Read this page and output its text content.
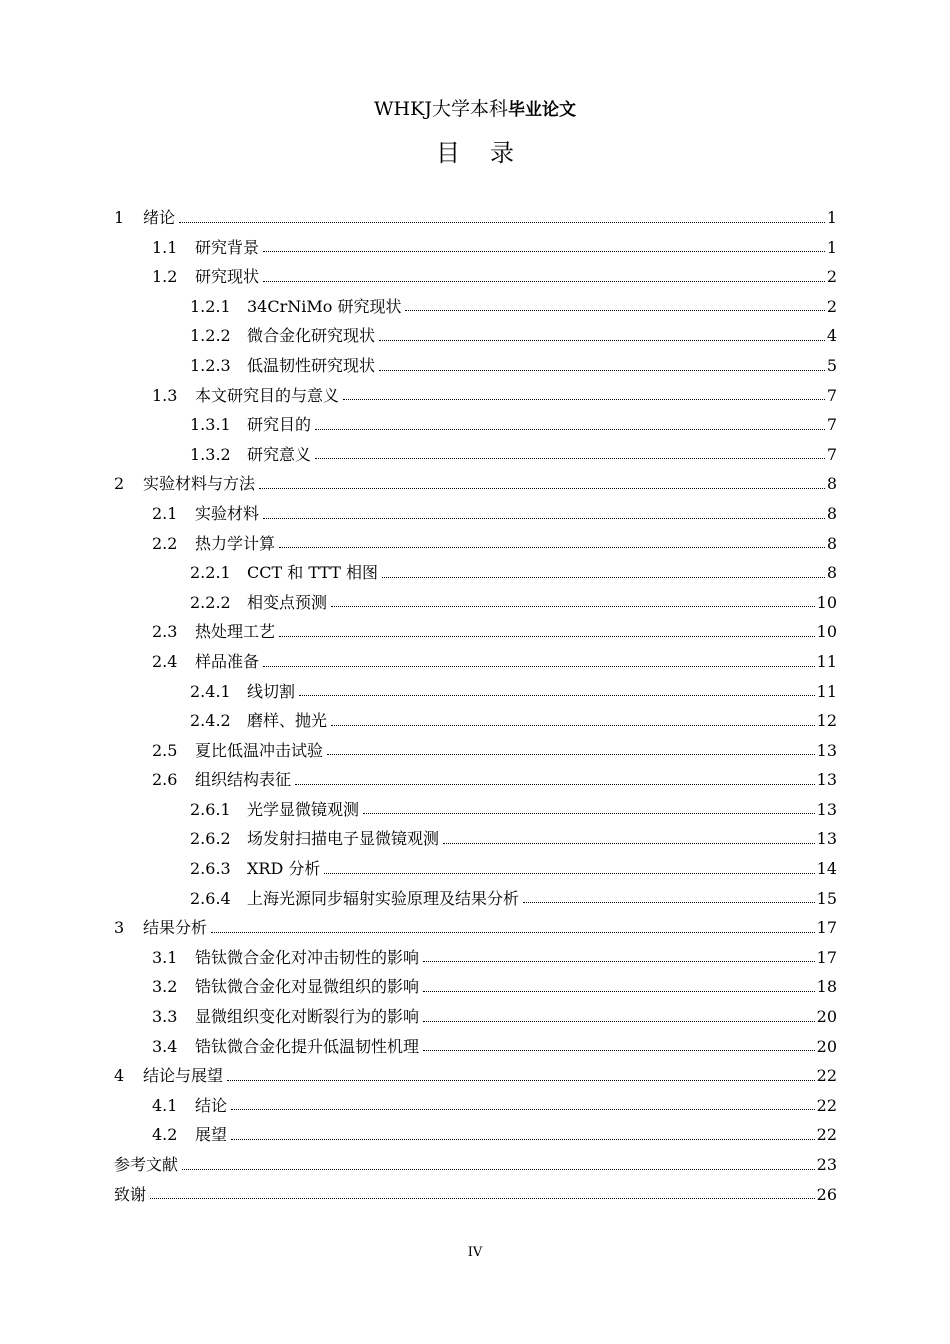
WHKJ大学本科毕业论文
目录
1	绪论	1
1.1	研究背景	1
1.2	研究现状	2
1.2.1	34CrNiMo 研究现状	2
1.2.2	微合金化研究现状	4
1.2.3	低温韧性研究现状	5
1.3	本文研究目的与意义	7
1.3.1	研究目的	7
1.3.2	研究意义	7
2	实验材料与方法	8
2.1	实验材料	8
2.2	热力学计算	8
2.2.1	CCT 和 TTT 相图	8
2.2.2	相变点预测	10
2.3	热处理工艺	10
2.4	样品准备	11
2.4.1	线切割	11
2.4.2	磨样、抛光	12
2.5	夏比低温冲击试验	13
2.6	组织结构表征	13
2.6.1	光学显微镜观测	13
2.6.2	场发射扫描电子显微镜观测	13
2.6.3	XRD 分析	14
2.6.4	上海光源同步辐射实验原理及结果分析	15
3	结果分析	17
3.1	锆钛微合金化对冲击韧性的影响	17
3.2	锆钛微合金化对显微组织的影响	18
3.3	显微组织变化对断裂行为的影响	20
3.4	锆钛微合金化提升低温韧性机理	20
4	结论与展望	22
4.1	结论	22
4.2	展望	22
参考文献	23
致谢	26
IV
